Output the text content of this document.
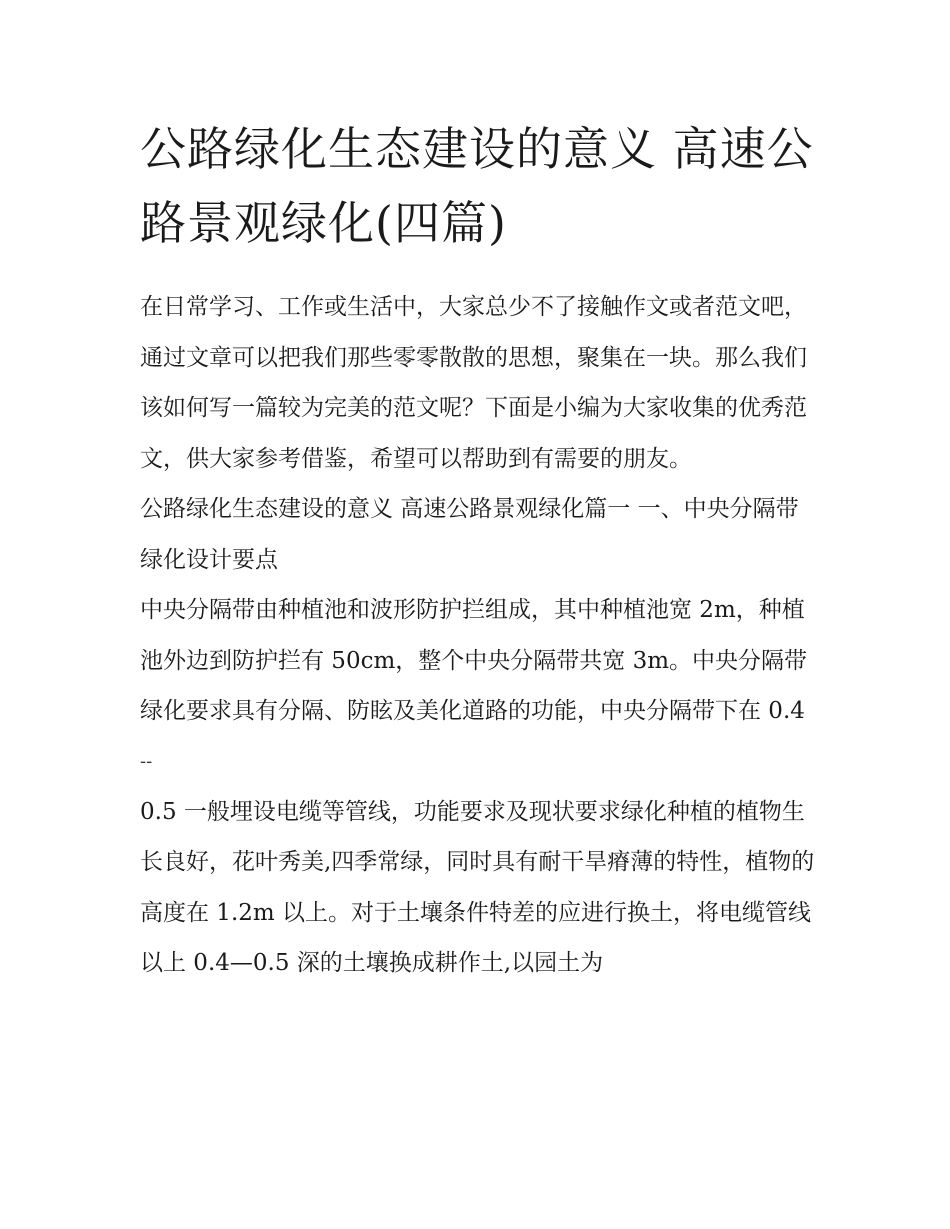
公路绿化生态建设的意义 高速公路景观绿化(四篇)

在日常学习、工作或生活中，大家总少不了接触作文或者范文吧，通过文章可以把我们那些零零散散的思想，聚集在一块。那么我们该如何写一篇较为完美的范文呢？下面是小编为大家收集的优秀范文，供大家参考借鉴，希望可以帮助到有需要的朋友。

公路绿化生态建设的意义 高速公路景观绿化篇一 一、中央分隔带绿化设计要点

中央分隔带由种植池和波形防护拦组成，其中种植池宽 2m，种植池外边到防护拦有 50cm，整个中央分隔带共宽 3m。中央分隔带绿化要求具有分隔、防眩及美化道路的功能，中央分隔带下在 0.4

--

0.5 一般埋设电缆等管线，功能要求及现状要求绿化种植的植物生长良好，花叶秀美,四季常绿，同时具有耐干旱瘠薄的特性，植物的高度在 1.2m 以上。对于土壤条件特差的应进行换土，将电缆管线以上 0.4—0.5 深的土壤换成耕作土,以园土为
